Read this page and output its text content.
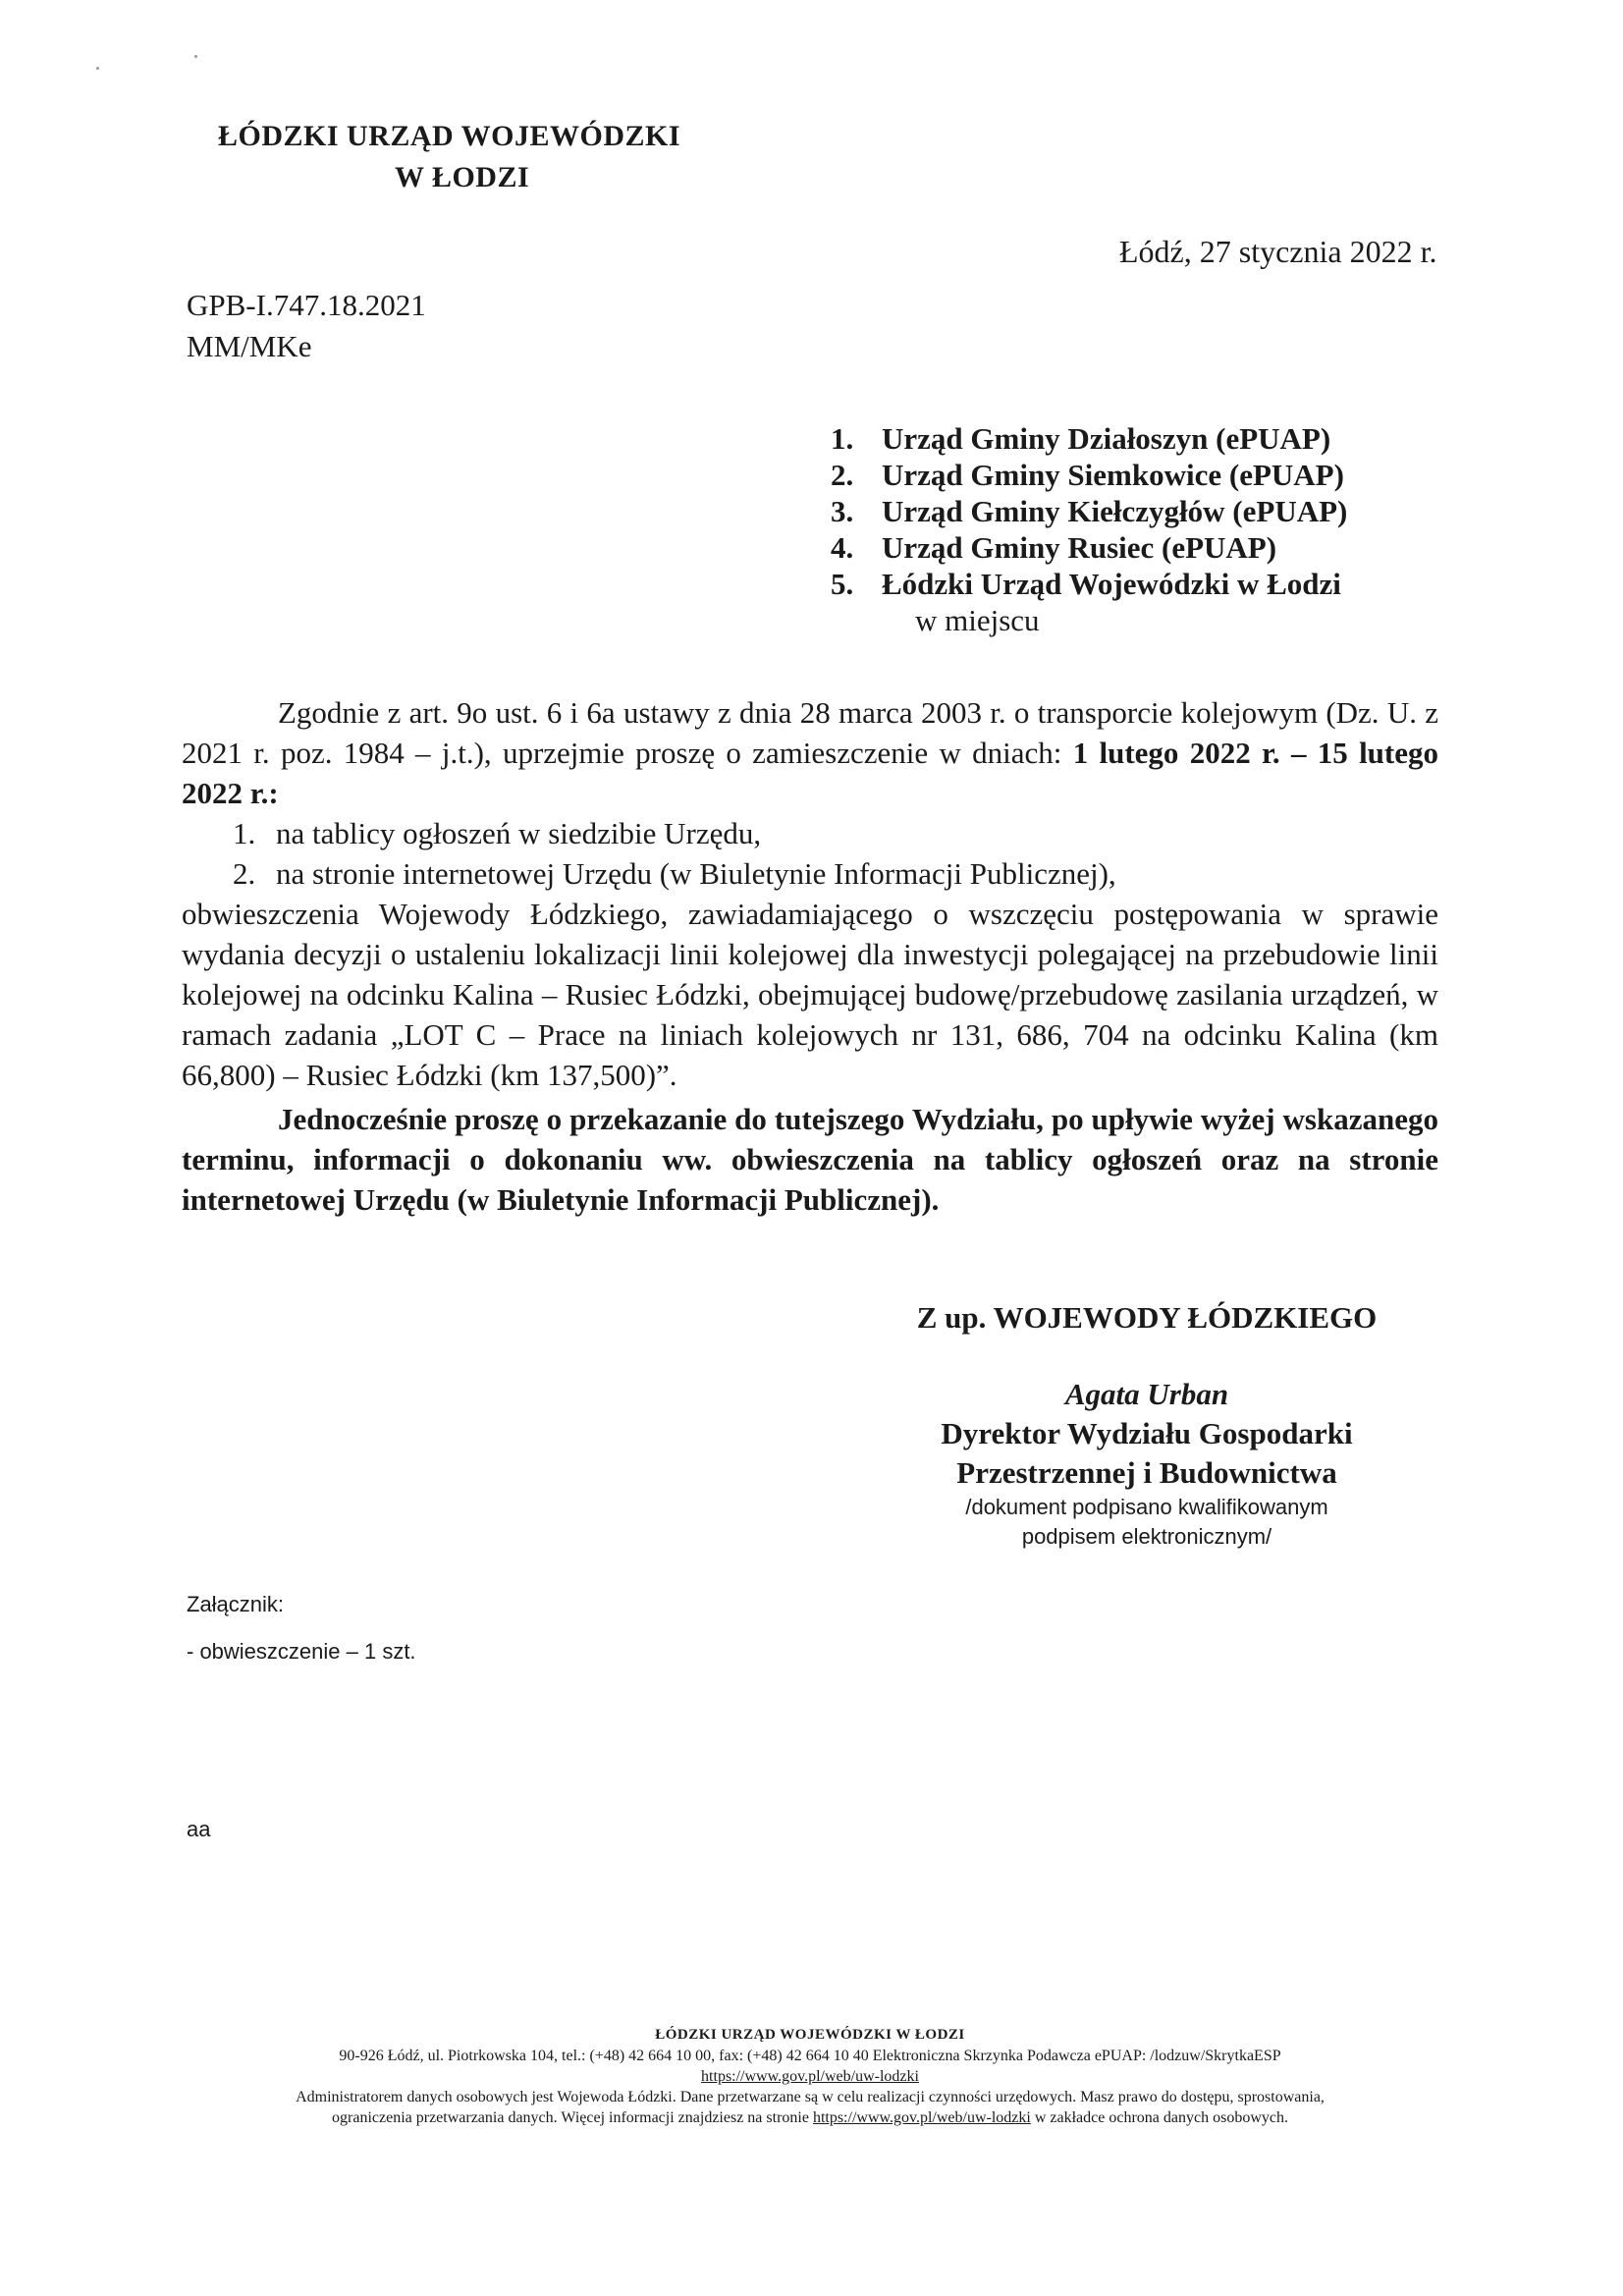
ŁÓDZKI URZĄD WOJEWÓDZKI
W ŁODZI
Łódź, 27 stycznia 2022 r.
GPB-I.747.18.2021
MM/MKe
1. Urząd Gminy Działoszyn (ePUAP)
2. Urząd Gminy Siemkowice (ePUAP)
3. Urząd Gminy Kiełczygłów (ePUAP)
4. Urząd Gminy Rusiec (ePUAP)
5. Łódzki Urząd Wojewódzki w Łodzi
w miejscu

Zgodnie z art. 9o ust. 6 i 6a ustawy z dnia 28 marca 2003 r. o transporcie kolejowym (Dz. U. z 2021 r. poz. 1984 – j.t.), uprzejmie proszę o zamieszczenie w dniach: 1 lutego 2022 r. – 15 lutego 2022 r.:

1. na tablicy ogłoszeń w siedzibie Urzędu,
2. na stronie internetowej Urzędu (w Biuletynie Informacji Publicznej),

obwieszczenia Wojewody Łódzkiego, zawiadamiającego o wszczęciu postępowania w sprawie wydania decyzji o ustaleniu lokalizacji linii kolejowej dla inwestycji polegającej na przebudowie linii kolejowej na odcinku Kalina – Rusiec Łódzki, obejmującej budowę/przebudowę zasilania urządzeń, w ramach zadania „LOT C – Prace na liniach kolejowych nr 131, 686, 704 na odcinku Kalina (km 66,800) – Rusiec Łódzki (km 137,500)”.

Jednocześnie proszę o przekazanie do tutejszego Wydziału, po upływie wyżej wskazanego terminu, informacji o dokonaniu ww. obwieszczenia na tablicy ogłoszeń oraz na stronie internetowej Urzędu (w Biuletynie Informacji Publicznej).

Z up. WOJEWODY ŁÓDZKIEGO
Agata Urban
Dyrektor Wydziału Gospodarki
Przestrzennej i Budownictwa
/dokument podpisano kwalifikowanym
podpisem elektronicznym/
Załącznik:
- obwieszczenie – 1 szt.
aa
ŁÓDZKI URZĄD WOJEWÓDZKI W ŁODZI
90-926 Łódź, ul. Piotrkowska 104, tel.: (+48) 42 664 10 00, fax: (+48) 42 664 10 40 Elektroniczna Skrzynka Podawcza ePUAP: /lodzuw/SkrytkaESP
https://www.gov.pl/web/uw-lodzki
Administratorem danych osobowych jest Wojewoda Łódzki. Dane przetwarzane są w celu realizacji czynności urzędowych. Masz prawo do dostępu, sprostowania,
ograniczenia przetwarzania danych. Więcej informacji znajdziesz na stronie https://www.gov.pl/web/uw-lodzki w zakładce ochrona danych osobowych.
